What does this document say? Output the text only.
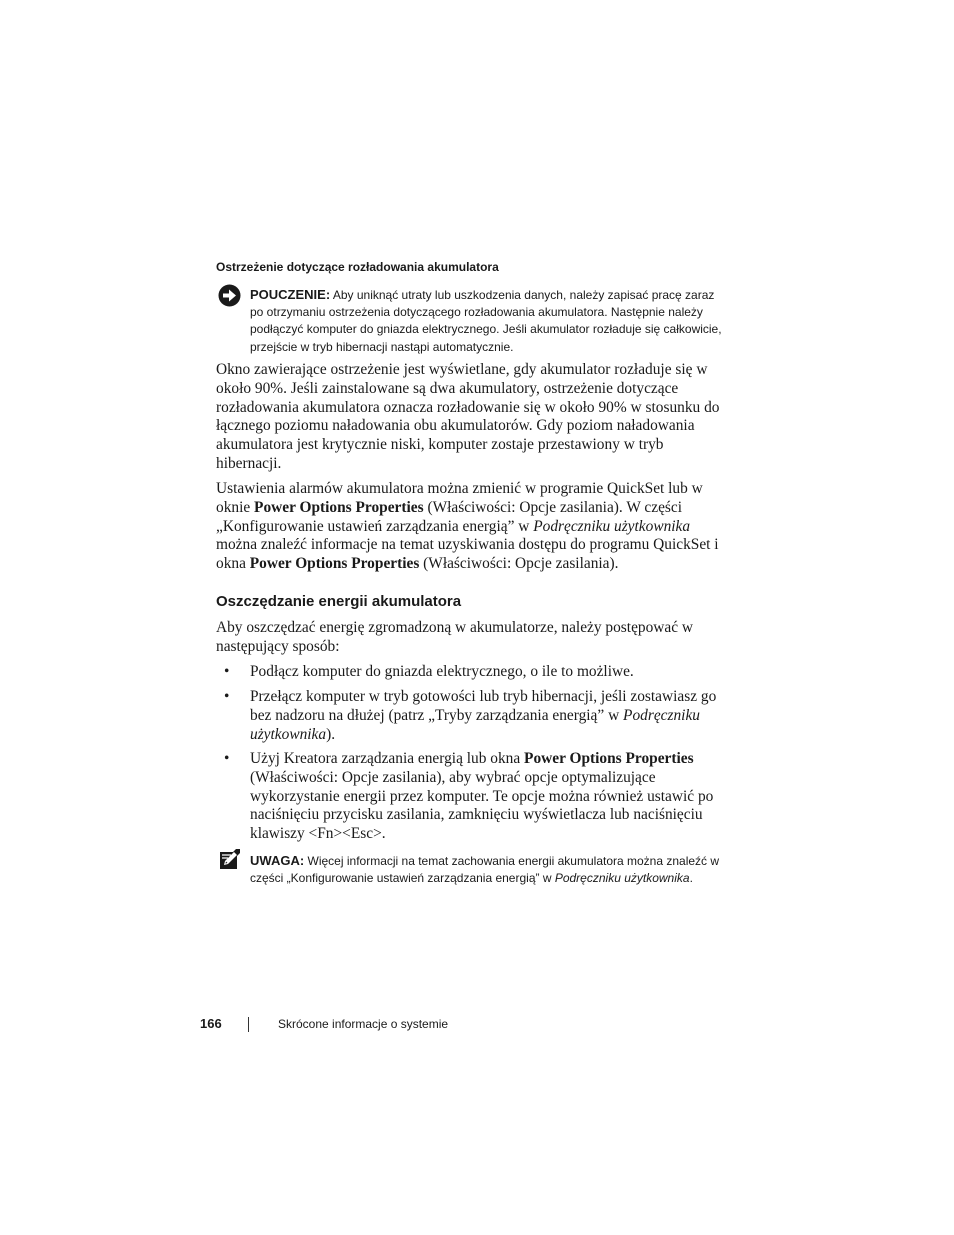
Ostrzeżenie dotyczące rozładowania akumulatora
POUCZENIE: Aby uniknąć utraty lub uszkodzenia danych, należy zapisać pracę zaraz po otrzymaniu ostrzeżenia dotyczącego rozładowania akumulatora. Następnie należy podłączyć komputer do gniazda elektrycznego. Jeśli akumulator rozładuje się całkowicie, przejście w tryb hibernacji nastąpi automatycznie.
Okno zawierające ostrzeżenie jest wyświetlane, gdy akumulator rozładuje się w około 90%. Jeśli zainstalowane są dwa akumulatory, ostrzeżenie dotyczące rozładowania akumulatora oznacza rozładowanie się w około 90% w stosunku do łącznego poziomu naładowania obu akumulatorów. Gdy poziom naładowania akumulatora jest krytycznie niski, komputer zostaje przestawiony w tryb hibernacji.
Ustawienia alarmów akumulatora można zmienić w programie QuickSet lub w oknie Power Options Properties (Właściwości: Opcje zasilania). W części „Konfigurowanie ustawień zarządzania energią” w Podręczniku użytkownika można znaleźć informacje na temat uzyskiwania dostępu do programu QuickSet i okna Power Options Properties (Właściwości: Opcje zasilania).
Oszczędzanie energii akumulatora
Aby oszczędzać energię zgromadzoną w akumulatorze, należy postępować w następujący sposób:
• Podłącz komputer do gniazda elektrycznego, o ile to możliwe.
• Przełącz komputer w tryb gotowości lub tryb hibernacji, jeśli zostawiasz go bez nadzoru na dłużej (patrz „Tryby zarządzania energią” w Podręczniku użytkownika).
• Użyj Kreatora zarządzania energią lub okna Power Options Properties (Właściwości: Opcje zasilania), aby wybrać opcje optymalizujące wykorzystanie energii przez komputer. Te opcje można również ustawić po naciśnięciu przycisku zasilania, zamknięciu wyświetlacza lub naciśnięciu klawiszy <Fn><Esc>.
UWAGA: Więcej informacji na temat zachowania energii akumulatora można znaleźć w części „Konfigurowanie ustawień zarządzania energią” w Podręczniku użytkownika.
166	Skrócone informacje o systemie
